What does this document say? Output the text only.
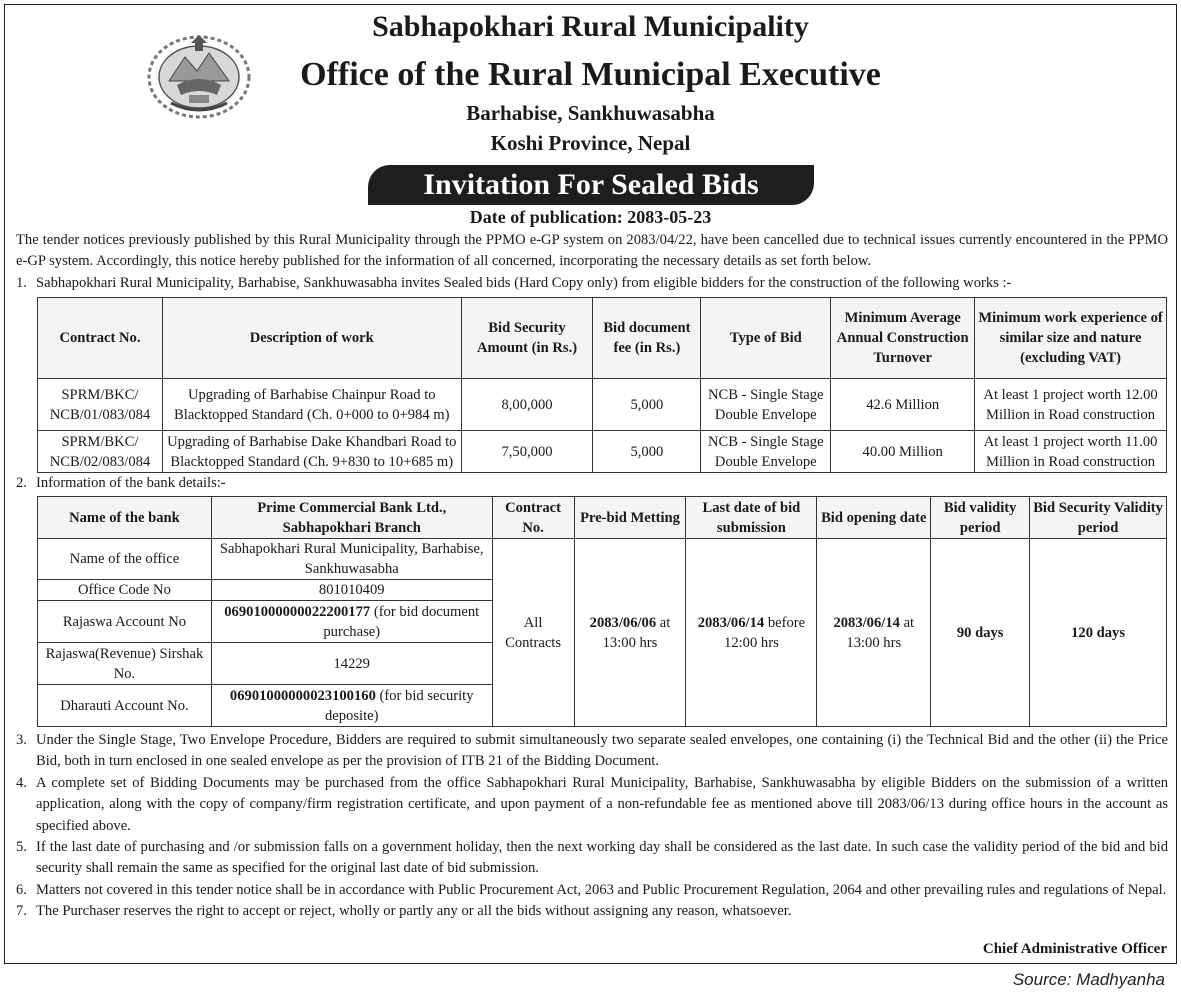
Sabhapokhari Rural Municipality
Office of the Rural Municipal Executive
Barhabise, Sankhuwasabha
Koshi Province, Nepal
Invitation For Sealed Bids
Date of publication: 2083-05-23
The tender notices previously published by this Rural Municipality through the PPMO e-GP system on 2083/04/22, have been cancelled due to technical issues currently encountered in the PPMO e-GP system. Accordingly, this notice hereby published for the information of all concerned, incorporating the necessary details as set forth below.
1. Sabhapokhari Rural Municipality, Barhabise, Sankhuwasabha invites Sealed bids (Hard Copy only) from eligible bidders for the construction of the following works :-
Contract No.	Description of work	Bid Security Amount (in Rs.)	Bid document fee (in Rs.)	Type of Bid	Minimum Average Annual Construction Turnover	Minimum work experience of similar size and nature (excluding VAT)
SPRM/BKC/ NCB/01/083/084	Upgrading of Barhabise Chainpur Road to Blacktopped Standard (Ch. 0+000 to 0+984 m)	8,00,000	5,000	NCB - Single Stage Double Envelope	42.6 Million	At least 1 project worth 12.00 Million in Road construction
SPRM/BKC/ NCB/02/083/084	Upgrading of Barhabise Dake Khandbari Road to Blacktopped Standard (Ch. 9+830 to 10+685 m)	7,50,000	5,000	NCB - Single Stage Double Envelope	40.00 Million	At least 1 project worth 11.00 Million in Road construction
2. Information of the bank details:-
Name of the bank	Prime Commercial Bank Ltd., Sabhapokhari Branch	Contract No.	Pre-bid Metting	Last date of bid submission	Bid opening date	Bid validity period	Bid Security Validity period
Name of the office	Sabhapokhari Rural Municipality, Barhabise, Sankhuwasabha	All Contracts	2083/06/06 at 13:00 hrs	2083/06/14 before 12:00 hrs	2083/06/14 at 13:00 hrs	90 days	120 days
Office Code No	801010409						
Rajaswa Account No	06901000000022200177 (for bid document purchase)						
Rajaswa(Revenue) Sirshak No.	14229						
Dharauti Account No.	06901000000023100160 (for bid security deposite)						
3. Under the Single Stage, Two Envelope Procedure, Bidders are required to submit simultaneously two separate sealed envelopes, one containing (i) the Technical Bid and the other (ii) the Price Bid, both in turn enclosed in one sealed envelope as per the provision of ITB 21 of the Bidding Document.
4. A complete set of Bidding Documents may be purchased from the office Sabhapokhari Rural Municipality, Barhabise, Sankhuwasabha by eligible Bidders on the submission of a written application, along with the copy of company/firm registration certificate, and upon payment of a non-refundable fee as mentioned above till 2083/06/13 during office hours in the account as specified above.
5. If the last date of purchasing and /or submission falls on a government holiday, then the next working day shall be considered as the last date. In such case the validity period of the bid and bid security shall remain the same as specified for the original last date of bid submission.
6. Matters not covered in this tender notice shall be in accordance with Public Procurement Act, 2063 and Public Procurement Regulation, 2064 and other prevailing rules and regulations of Nepal.
7. The Purchaser reserves the right to accept or reject, wholly or partly any or all the bids without assigning any reason, whatsoever.
Chief Administrative Officer
Source: Madhyanha
